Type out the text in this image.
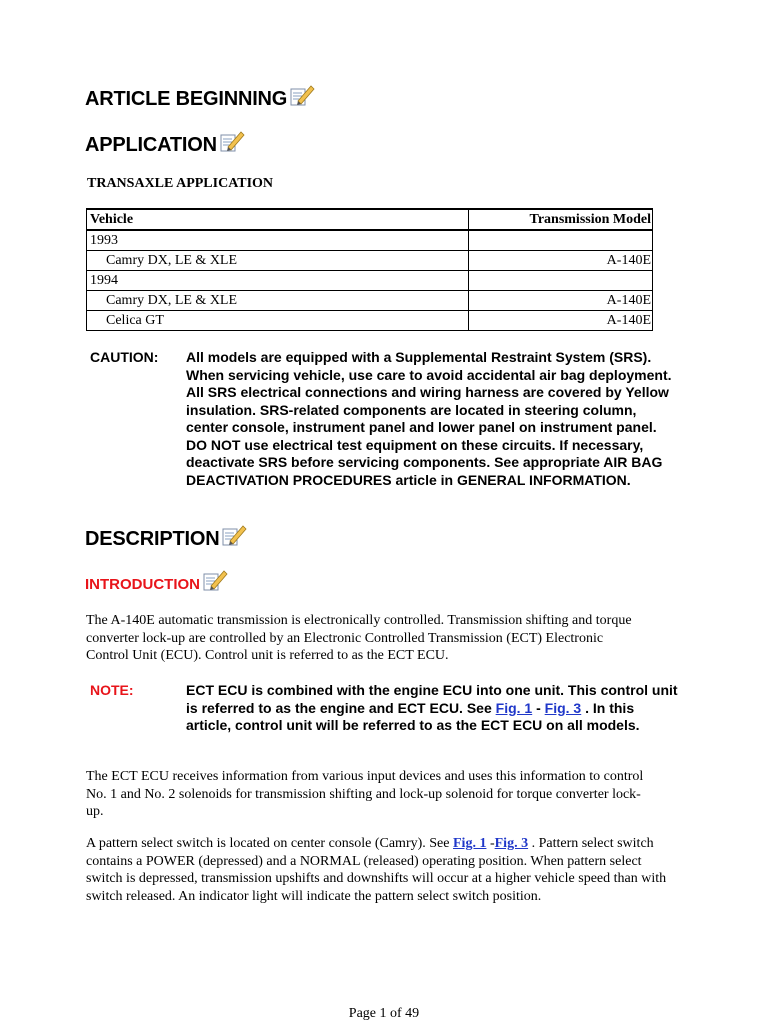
ARTICLE BEGINNING
APPLICATION
TRANSAXLE APPLICATION
Vehicle	Transmission Model
1993	
Camry DX, LE & XLE	A-140E
1994	
Camry DX, LE & XLE	A-140E
Celica GT	A-140E
CAUTION: All models are equipped with a Supplemental Restraint System (SRS). When servicing vehicle, use care to avoid accidental air bag deployment. All SRS electrical connections and wiring harness are covered by Yellow insulation. SRS-related components are located in steering column, center console, instrument panel and lower panel on instrument panel. DO NOT use electrical test equipment on these circuits. If necessary, deactivate SRS before servicing components. See appropriate AIR BAG DEACTIVATION PROCEDURES article in GENERAL INFORMATION.
DESCRIPTION
INTRODUCTION
The A-140E automatic transmission is electronically controlled. Transmission shifting and torque converter lock-up are controlled by an Electronic Controlled Transmission (ECT) Electronic Control Unit (ECU). Control unit is referred to as the ECT ECU.
NOTE:	ECT ECU is combined with the engine ECU into one unit. This control unit is referred to as the engine and ECT ECU. See Fig. 1 - Fig. 3 . In this article, control unit will be referred to as the ECT ECU on all models.
The ECT ECU receives information from various input devices and uses this information to control No. 1 and No. 2 solenoids for transmission shifting and lock-up solenoid for torque converter lock-up.
A pattern select switch is located on center console (Camry). See Fig. 1 -Fig. 3 . Pattern select switch contains a POWER (depressed) and a NORMAL (released) operating position. When pattern select switch is depressed, transmission upshifts and downshifts will occur at a higher vehicle speed than with switch released. An indicator light will indicate the pattern select switch position.
Page 1 of 49
